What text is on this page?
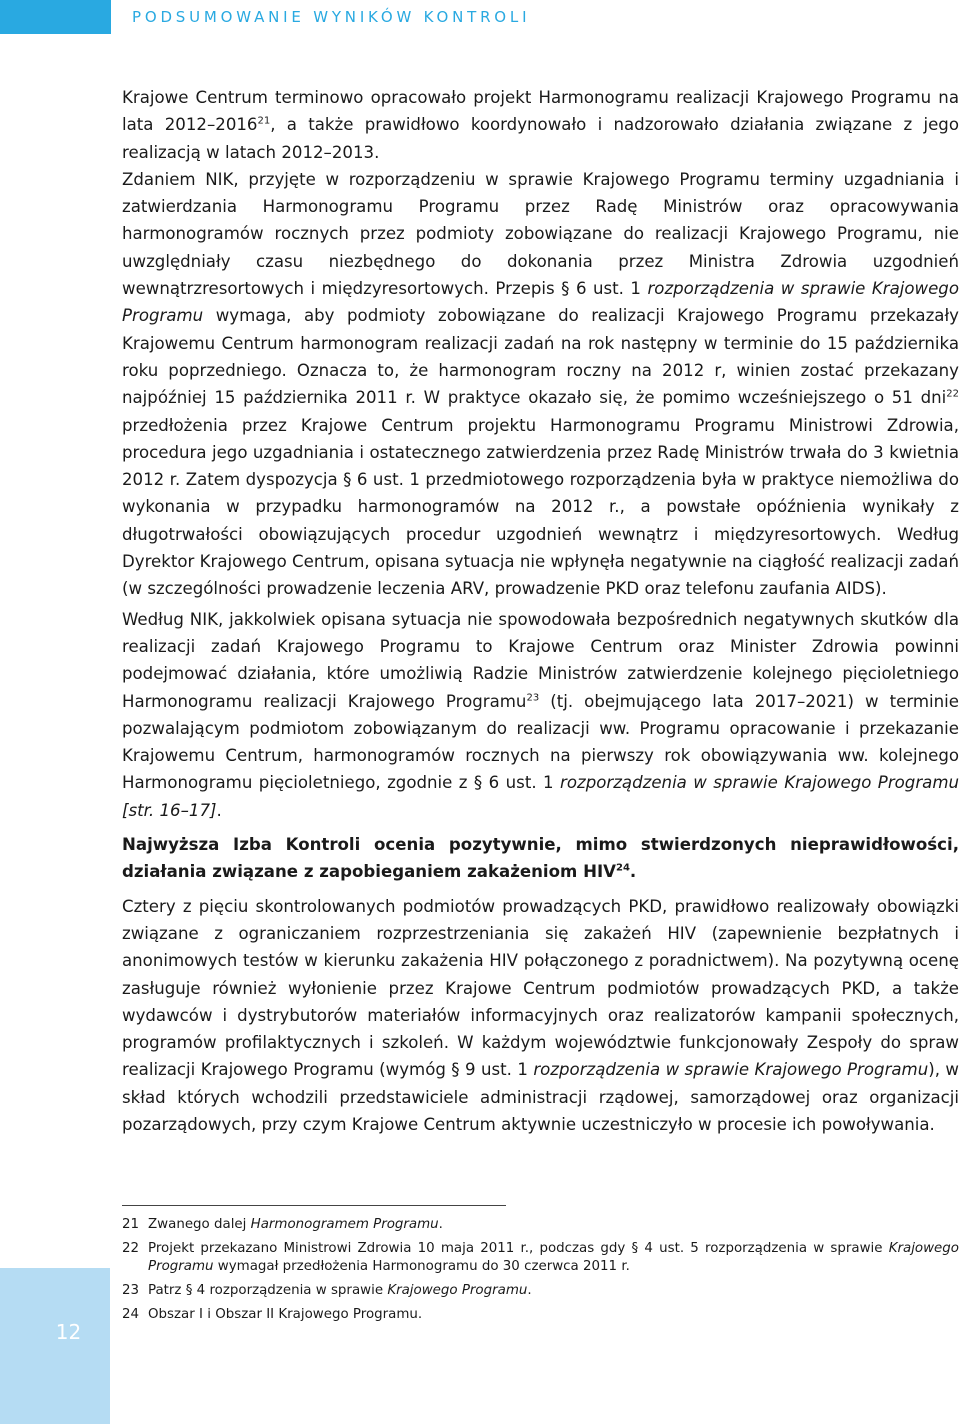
PODSUMOWANIE WYNIKÓW KONTROLI

Krajowe Centrum terminowo opracowało projekt Harmonogramu realizacji Krajowego Programu na lata 2012–2016$^{21}$, a także prawidłowo koordynowało i nadzorowało działania związane z jego realizacją w latach 2012–2013.

Zdaniem NIK, przyjęte w rozporządzeniu w sprawie Krajowego Programu terminy uzgadniania i zatwierdzania Harmonogramu Programu przez Radę Ministrów oraz opracowywania harmonogramów rocznych przez podmioty zobowiązane do realizacji Krajowego Programu, nie uwzględniały czasu niezbędnego do dokonania przez Ministra Zdrowia uzgodnień wewnątrzresortowych i międzyresortowych. Przepis § 6 ust. 1 rozporządzenia w sprawie Krajowego Programu wymaga, aby podmioty zobowiązane do realizacji Krajowego Programu przekazały Krajowemu Centrum harmonogram realizacji zadań na rok następny w terminie do 15 października roku poprzedniego. Oznacza to, że harmonogram roczny na 2012 r, winien zostać przekazany najpóźniej 15 października 2011 r. W praktyce okazało się, że pomimo wcześniejszego o 51 dni$^{22}$ przedłożenia przez Krajowe Centrum projektu Harmonogramu Programu Ministrowi Zdrowia, procedura jego uzgadniania i ostatecznego zatwierdzenia przez Radę Ministrów trwała do 3 kwietnia 2012 r. Zatem dyspozycja § 6 ust. 1 przedmiotowego rozporządzenia była w praktyce niemożliwa do wykonania w przypadku harmonogramów na 2012 r., a powstałe opóźnienia wynikały z długotrwałości obowiązujących procedur uzgodnień wewnątrz i międzyresortowych. Według Dyrektor Krajowego Centrum, opisana sytuacja nie wpłynęła negatywnie na ciągłość realizacji zadań (w szczególności prowadzenie leczenia ARV, prowadzenie PKD oraz telefonu zaufania AIDS).

Według NIK, jakkolwiek opisana sytuacja nie spowodowała bezpośrednich negatywnych skutków dla realizacji zadań Krajowego Programu to Krajowe Centrum oraz Minister Zdrowia powinni podejmować działania, które umożliwią Radzie Ministrów zatwierdzenie kolejnego pięcioletniego Harmonogramu realizacji Krajowego Programu$^{23}$ (tj. obejmującego lata 2017–2021) w terminie pozwalającym podmiotom zobowiązanym do realizacji ww. Programu opracowanie i przekazanie Krajowemu Centrum, harmonogramów rocznych na pierwszy rok obowiązywania ww. kolejnego Harmonogramu pięcioletniego, zgodnie z § 6 ust. 1 rozporządzenia w sprawie Krajowego Programu [str. 16–17].

Najwyższa Izba Kontroli ocenia pozytywnie, mimo stwierdzonych nieprawidłowości, działania związane z zapobieganiem zakażeniom HIV$^{24}$.

Cztery z pięciu skontrolowanych podmiotów prowadzących PKD, prawidłowo realizowały obowiązki związane z ograniczaniem rozprzestrzeniania się zakażeń HIV (zapewnienie bezpłatnych i anonimowych testów w kierunku zakażenia HIV połączonego z poradnictwem). Na pozytywną ocenę zasługuje również wyłonienie przez Krajowe Centrum podmiotów prowadzących PKD, a także wydawców i dystrybutorów materiałów informacyjnych oraz realizatorów kampanii społecznych, programów profilaktycznych i szkoleń. W każdym województwie funkcjonowały Zespoły do spraw realizacji Krajowego Programu (wymóg § 9 ust. 1 rozporządzenia w sprawie Krajowego Programu), w skład których wchodzili przedstawiciele administracji rządowej, samorządowej oraz organizacji pozarządowych, przy czym Krajowe Centrum aktywnie uczestniczyło w procesie ich powoływania.

21 Zwanego dalej Harmonogramem Programu.
22 Projekt przekazano Ministrowi Zdrowia 10 maja 2011 r., podczas gdy § 4 ust. 5 rozporządzenia w sprawie Krajowego Programu wymagał przedłożenia Harmonogramu do 30 czerwca 2011 r.
23 Patrz § 4 rozporządzenia w sprawie Krajowego Programu.
24 Obszar I i Obszar II Krajowego Programu.
12
